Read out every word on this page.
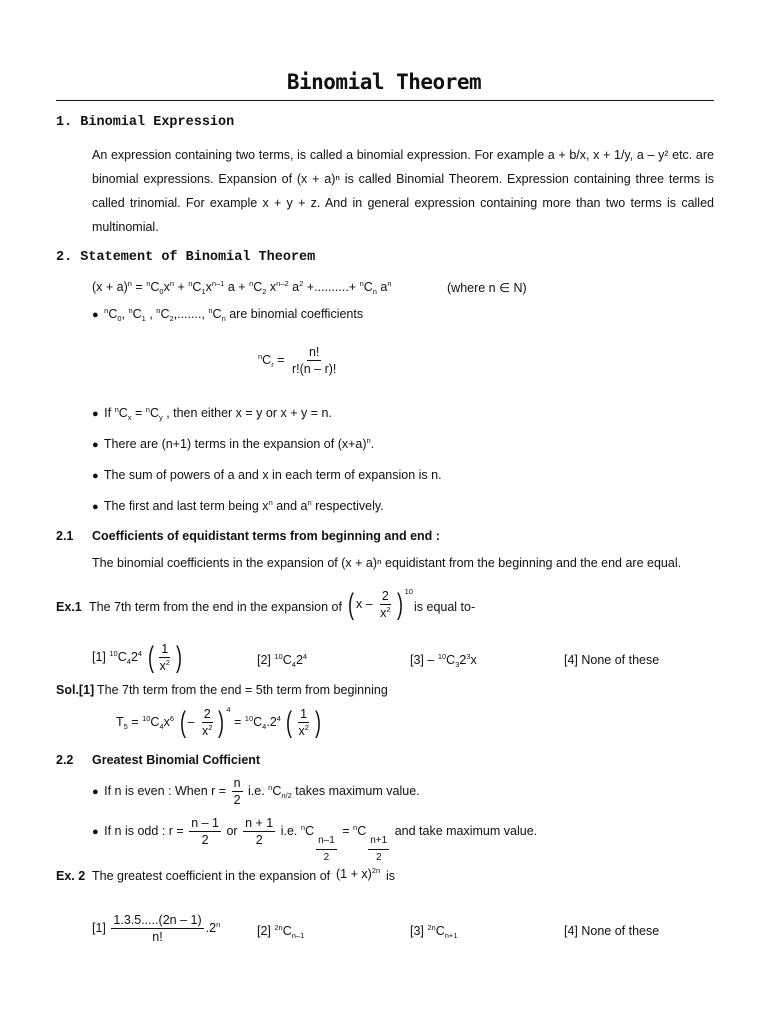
Binomial Theorem
1. Binomial Expression
An expression containing two terms, is called a binomial expression. For example a + b/x, x + 1/y, a – y² etc. are binomial expressions. Expansion of (x + a)ⁿ is called Binomial Theorem. Expression containing three terms is called trinomial. For example x + y + z. And in general expression containing more than two terms is called multinomial.
2. Statement of Binomial Theorem
$(x + a)^n = ^nC_0x^n + ^nC_1x^{n-1}$ $a + ^nC_2$ $x^{n-2}$ $a^2$ +..........+ $^nC_n$ $a^n$	(where n ∈ N)
● $^nC_0$, $^nC_1$ , $^nC_2$,......., $^nC_n$ are binomial coefficients
$^nC_r = \frac{n!}{r!(n - r)!}$
● If $^nC_x = ^nC_y$ , then either x = y or x + y = n.
● There are (n+1) terms in the expansion of $(x+a)^n$.
● The sum of powers of a and x in each term of expansion is n.
● The first and last term being $x^n$ and $a^n$ respectively.
2.1 Coefficients of equidistant terms from beginning and end :
The binomial coefficients in the expansion of (x + a)ⁿ equidistant from the beginning and the end are equal.
Ex.1 The 7th term from the end in the expansion of ( x – $\frac{2}{x^2}$ ) $^{10}$
is equal to-
[1] $^{10}C_42^4$ ( $\frac{1}{x^2}$ )	[2] $^{10}C_42^4$	$[3] - ^{10}C_32^3x$	[4] None of these
Sol.[1] The 7th term from the end = 5th term from beginning
$T_5 = ^{10}C_4x^6$ ( – $\frac{2}{x^2}$ ) $^4 = ^{10}C_4.2^4$ ( $\frac{1}{x^2}$ )
2.2 Greatest Binomial Cofficient
● If n is even : When $r = \frac{n}{2} i.e$. $^nC_{n/2}$ takes maximum value.
● If n is odd : $r = \frac{n - 1}{2}$ or $\frac{n + 1}{2} i.e$. $^n$C
$\frac{n-1}{2}$
= $^n$C
$\frac{n+1}{2}$
and take maximum value.
Ex. 2 The greatest coefficient in the expansion of $(1 + x)^{2n}$ is
$[1] \frac{1.3.5.....(2n - 1)}{n!} .2^n$	[2] $^{2n}C_{n-1}$	[3] $^{2n}C_{n+1}$	[4] None of these
